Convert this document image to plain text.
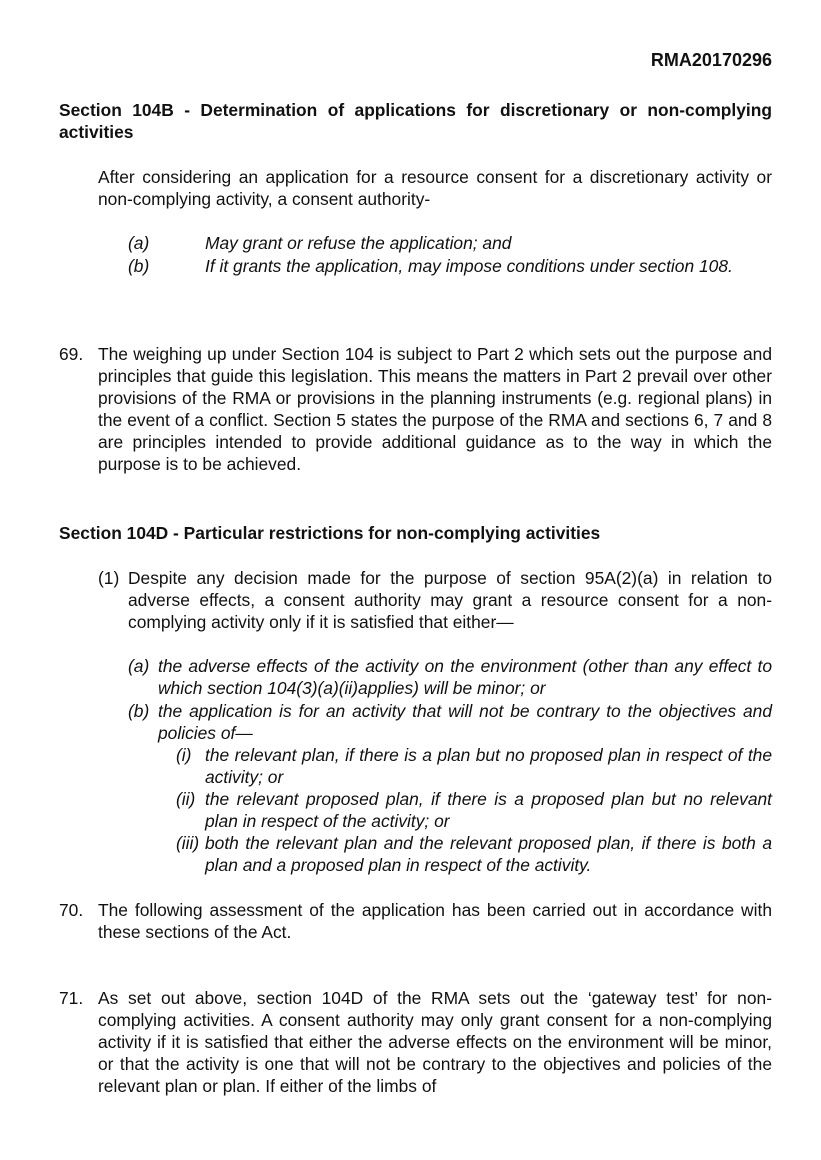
RMA20170296
Section 104B - Determination of applications for discretionary or non-complying activities
After considering an application for a resource consent for a discretionary activity or non-complying activity, a consent authority-
(a)	May grant or refuse the application; and
(b)	If it grants the application, may impose conditions under section 108.
69. The weighing up under Section 104 is subject to Part 2 which sets out the purpose and principles that guide this legislation. This means the matters in Part 2 prevail over other provisions of the RMA or provisions in the planning instruments (e.g. regional plans) in the event of a conflict. Section 5 states the purpose of the RMA and sections 6, 7 and 8 are principles intended to provide additional guidance as to the way in which the purpose is to be achieved.
Section 104D - Particular restrictions for non-complying activities
(1) Despite any decision made for the purpose of section 95A(2)(a) in relation to adverse effects, a consent authority may grant a resource consent for a non-complying activity only if it is satisfied that either—
(a) the adverse effects of the activity on the environment (other than any effect to which section 104(3)(a)(ii)applies) will be minor; or
(b) the application is for an activity that will not be contrary to the objectives and policies of—
(i) the relevant plan, if there is a plan but no proposed plan in respect of the activity; or
(ii) the relevant proposed plan, if there is a proposed plan but no relevant plan in respect of the activity; or
(iii) both the relevant plan and the relevant proposed plan, if there is both a plan and a proposed plan in respect of the activity.
70. The following assessment of the application has been carried out in accordance with these sections of the Act.
71. As set out above, section 104D of the RMA sets out the ‘gateway test’ for non-complying activities. A consent authority may only grant consent for a non-complying activity if it is satisfied that either the adverse effects on the environment will be minor, or that the activity is one that will not be contrary to the objectives and policies of the relevant plan or plan. If either of the limbs of
